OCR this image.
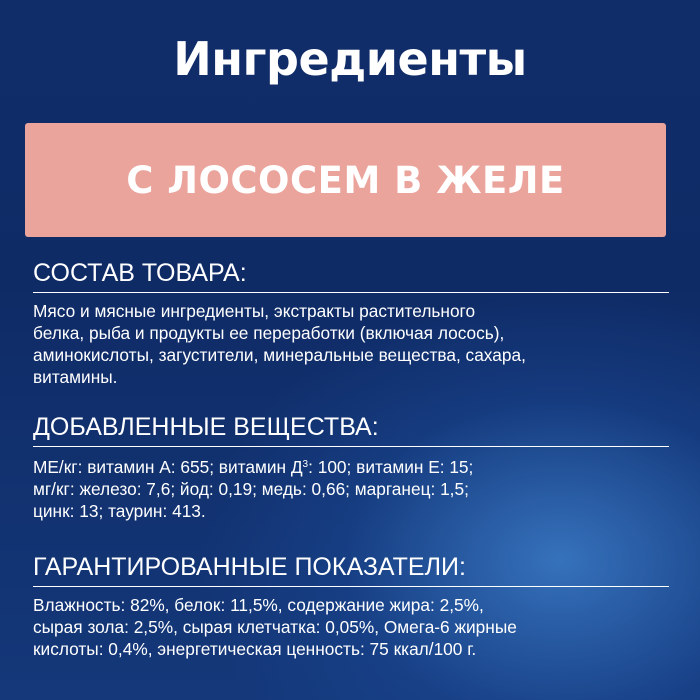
Ингредиенты
С ЛОСОСЕМ В ЖЕЛЕ
СОСТАВ ТОВАРА:
Мясо и мясные ингредиенты, экстракты растительного
белка, рыба и продукты ее переработки (включая лосось),
аминокислоты, загустители, минеральные вещества, сахара,
витамины.
ДОБАВЛЕННЫЕ ВЕЩЕСТВА:
МЕ/кг: витамин А: 655; витамин $Д^3$: 100; витамин Е: 15;
мг/кг: железо: 7,6; йод: 0,19; медь: 0,66; марганец: 1,5;
цинк: 13; таурин: 413.
ГАРАНТИРОВАННЫЕ ПОКАЗАТЕЛИ:
Влажность: 82%, белок: 11,5%, содержание жира: 2,5%,
сырая зола: 2,5%, сырая клетчатка: 0,05%, Омега-6 жирные
кислоты: 0,4%, энергетическая ценность: 75 ккал/100 г.
